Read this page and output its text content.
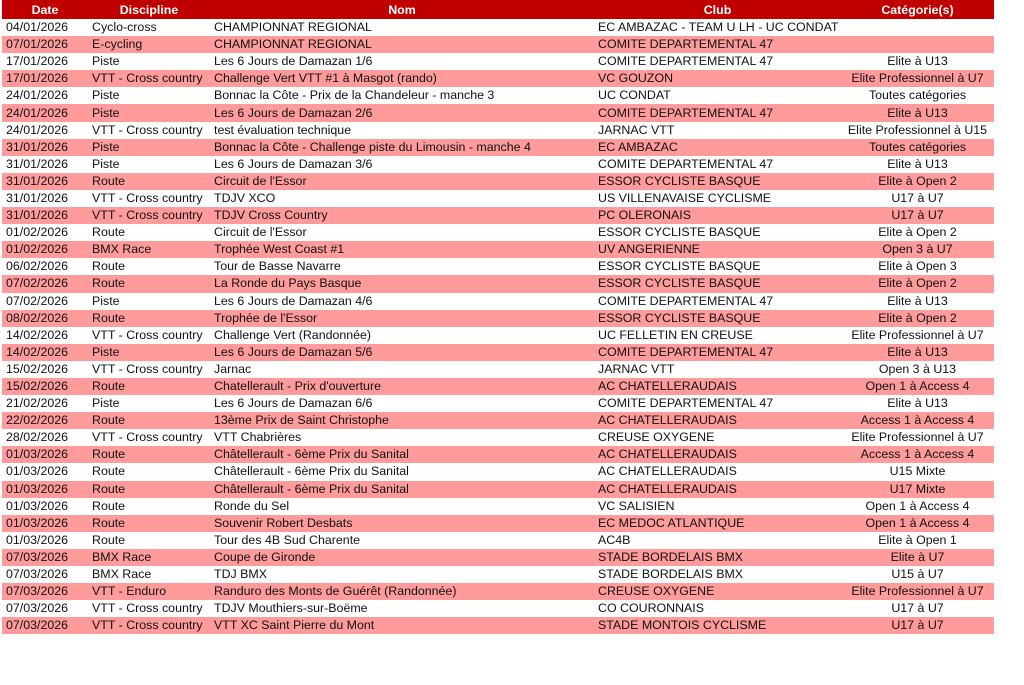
Date	Discipline	Nom	Club	Catégorie(s)
04/01/2026	Cyclo-cross	CHAMPIONNAT REGIONAL	EC AMBAZAC - TEAM U LH - UC CONDAT	
07/01/2026	E-cycling	CHAMPIONNAT REGIONAL	COMITE DEPARTEMENTAL 47	
17/01/2026	Piste	Les 6 Jours de Damazan 1/6	COMITE DEPARTEMENTAL 47	Elite à U13
17/01/2026	VTT - Cross country	Challenge Vert VTT #1 à Masgot (rando)	VC GOUZON	Elite Professionnel à U7
24/01/2026	Piste	Bonnac la Côte - Prix de la Chandeleur - manche 3	UC CONDAT	Toutes catégories
24/01/2026	Piste	Les 6 Jours de Damazan 2/6	COMITE DEPARTEMENTAL 47	Elite à U13
24/01/2026	VTT - Cross country	test évaluation technique	JARNAC VTT	Elite Professionnel à U15
31/01/2026	Piste	Bonnac la Côte - Challenge piste du Limousin - manche 4	EC AMBAZAC	Toutes catégories
31/01/2026	Piste	Les 6 Jours de Damazan 3/6	COMITE DEPARTEMENTAL 47	Elite à U13
31/01/2026	Route	Circuit de l'Essor	ESSOR CYCLISTE BASQUE	Elite à Open 2
31/01/2026	VTT - Cross country	TDJV XCO	US VILLENAVAISE CYCLISME	U17 à U7
31/01/2026	VTT - Cross country	TDJV Cross Country	PC OLERONAIS	U17 à U7
01/02/2026	Route	Circuit de l'Essor	ESSOR CYCLISTE BASQUE	Elite à Open 2
01/02/2026	BMX Race	Trophée West Coast #1	UV ANGERIENNE	Open 3 à U7
06/02/2026	Route	Tour de Basse Navarre	ESSOR CYCLISTE BASQUE	Elite à Open 3
07/02/2026	Route	La Ronde du Pays Basque	ESSOR CYCLISTE BASQUE	Elite à Open 2
07/02/2026	Piste	Les 6 Jours de Damazan 4/6	COMITE DEPARTEMENTAL 47	Elite à U13
08/02/2026	Route	Trophée de l'Essor	ESSOR CYCLISTE BASQUE	Elite à Open 2
14/02/2026	VTT - Cross country	Challenge Vert (Randonnée)	UC FELLETIN EN CREUSE	Elite Professionnel à U7
14/02/2026	Piste	Les 6 Jours de Damazan 5/6	COMITE DEPARTEMENTAL 47	Elite à U13
15/02/2026	VTT - Cross country	Jarnac	JARNAC VTT	Open 3 à U13
15/02/2026	Route	Chatellerault - Prix d'ouverture	AC CHATELLERAUDAIS	Open 1 à Access 4
21/02/2026	Piste	Les 6 Jours de Damazan 6/6	COMITE DEPARTEMENTAL 47	Elite à U13
22/02/2026	Route	13ème Prix de Saint Christophe	AC CHATELLERAUDAIS	Access 1 à Access 4
28/02/2026	VTT - Cross country	VTT Chabrières	CREUSE OXYGENE	Elite Professionnel à U7
01/03/2026	Route	Châtellerault - 6ème Prix du Sanital	AC CHATELLERAUDAIS	Access 1 à Access 4
01/03/2026	Route	Châtellerault - 6ème Prix du Sanital	AC CHATELLERAUDAIS	U15 Mixte
01/03/2026	Route	Châtellerault - 6ème Prix du Sanital	AC CHATELLERAUDAIS	U17 Mixte
01/03/2026	Route	Ronde du Sel	VC SALISIEN	Open 1 à Access 4
01/03/2026	Route	Souvenir Robert Desbats	EC MEDOC ATLANTIQUE	Open 1 à Access 4
01/03/2026	Route	Tour des 4B Sud Charente	AC4B	Elite à Open 1
07/03/2026	BMX Race	Coupe de Gironde	STADE BORDELAIS BMX	Elite à U7
07/03/2026	BMX Race	TDJ BMX	STADE BORDELAIS BMX	U15 à U7
07/03/2026	VTT - Enduro	Randuro des Monts de Guérêt (Randonnée)	CREUSE OXYGENE	Elite Professionnel à U7
07/03/2026	VTT - Cross country	TDJV Mouthiers-sur-Boëme	CO COURONNAIS	U17 à U7
07/03/2026	VTT - Cross country	VTT XC Saint Pierre du Mont	STADE MONTOIS CYCLISME	U17 à U7
